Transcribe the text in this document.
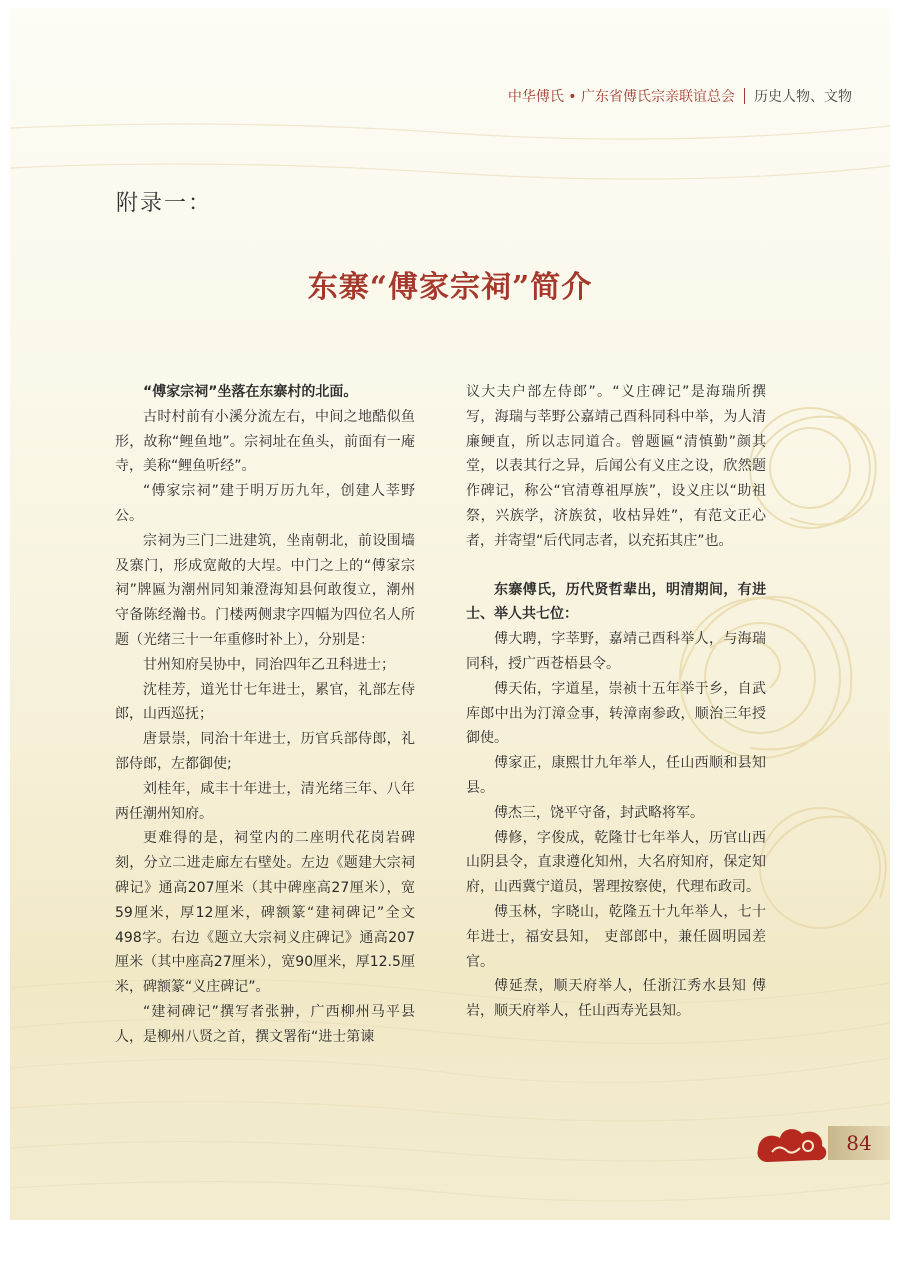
中华傅氏 • 广东省傅氏宗亲联谊总会 历史人物、文物
附录一：
东寨“傅家宗祠”简介

“傅家宗祠”坐落在东寨村的北面。

古时村前有小溪分流左右，中间之地酷似鱼形，故称“鲤鱼地”。宗祠址在鱼头，前面有一庵寺，美称“鲤鱼听经”。

“傅家宗祠”建于明万历九年，创建人莘野公。

宗祠为三门二进建筑，坐南朝北，前设围墙及寨门，形成宽敞的大埕。中门之上的“傅家宗祠”牌匾为潮州同知兼澄海知县何敢復立，潮州守备陈经瀚书。门楼两侧隶字四幅为四位名人所题（光绪三十一年重修时补上），分别是：

甘州知府吴协中，同治四年乙丑科进士；

沈桂芳，道光廿七年进士，累官，礼部左侍郎，山西巡抚；

唐景崇，同治十年进士，历官兵部侍郎，礼部侍郎，左都御使;

刘桂年，咸丰十年进士，清光绪三年、八年两任潮州知府。

更难得的是，祠堂内的二座明代花岗岩碑刻，分立二进走廊左右壁处。左边《题建大宗祠碑记》通高207厘米（其中碑座高27厘米），宽59厘米，厚12厘米，碑额篆“建祠碑记”全文498字。右边《题立大宗祠义庄碑记》通高207厘米（其中座高27厘米），宽90厘米，厚12.5厘米，碑额篆“义庄碑记”。

“建祠碑记”撰写者张翀，广西柳州马平县人，是柳州八贤之首，撰文署衔“进士第谏

议大夫户部左侍郎”。“义庄碑记”是海瑞所撰写，海瑞与莘野公嘉靖己酉科同科中举，为人清廉鲠直，所以志同道合。曾题匾“清慎勤”颜其堂，以表其行之异，后闻公有义庄之设，欣然题作碑记，称公“官清尊祖厚族”，设义庄以“助祖祭，兴族学，济族贫，收枯异姓”，有范文正心者，并寄望“后代同志者，以充拓其庄”也。

东寨傅氏，历代贤哲辈出，明清期间，有进士、举人共七位：

傅大聘，字莘野，嘉靖己酉科举人，与海瑞同科，授广西苍梧县令。

傅天佑，字道星，崇祯十五年举于乡，自武库郎中出为汀漳佥事，转漳南参政，顺治三年授御使。

傅家正，康熙廿九年举人，任山西顺和县知县。

傅杰三，饶平守备，封武略将军。

傅修，字俊成，乾隆廿七年举人，历官山西山阴县令，直隶遵化知州，大名府知府，保定知府，山西冀宁道员，署理按察使，代理布政司。

傅玉林，字晓山，乾隆五十九年举人，七十年进士，福安县知， 吏部郎中，兼任圆明园差官。

傅延焘，顺天府举人，任浙江秀水县知 傅岩，顺天府举人，任山西寿光县知。

84
